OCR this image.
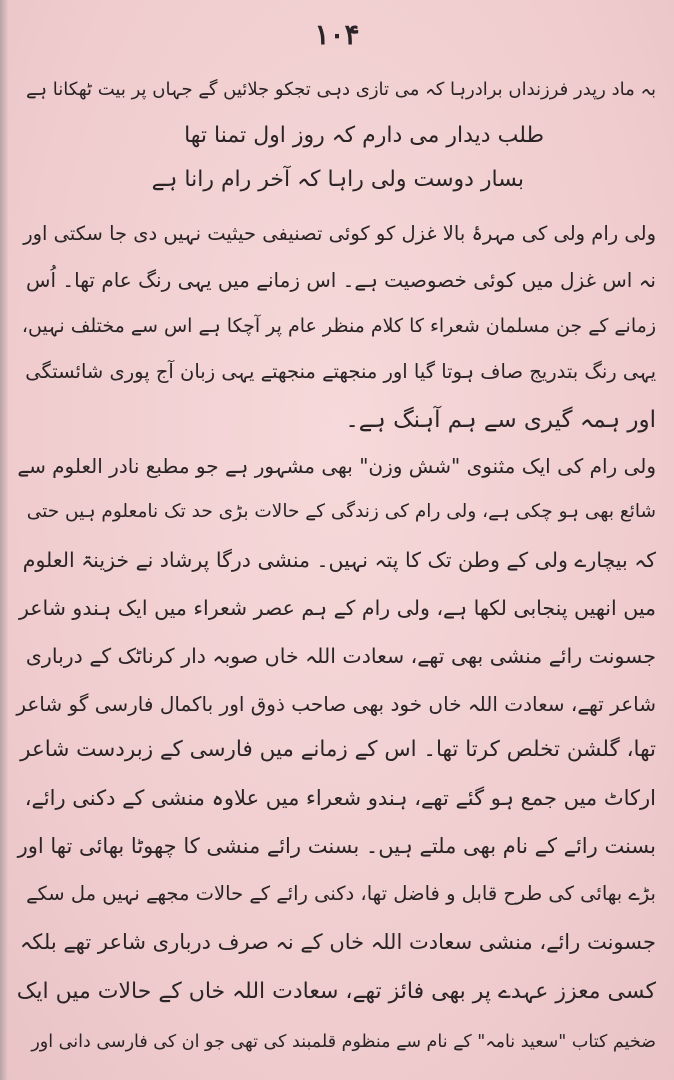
۱۰۴
بہ ماد رپدر فرزنداں برادرہا کہ می تازی دہی تجکو جلائیں گے جہاں پر بیت ٹھکانا ہے
طلب دیدار می دارم کہ روز اول تمنا تھا
بسار دوست ولی راہا کہ آخر رام رانا ہے
ولی رام ولی کی مہرۂ بالا غزل کو کوئی تصنیفی حیثیت نہیں دی جا سکتی اور
نہ اس غزل میں کوئی خصوصیت ہے۔ اس زمانے میں یہی رنگ عام تھا۔ اُس
زمانے کے جن مسلمان شعراء کا کلام منظر عام پر آچکا ہے اس سے مختلف نہیں،
یہی رنگ بتدریج صاف ہوتا گیا اور منجھتے منجھتے یہی زبان آج پوری شائستگی
اور ہمہ گیری سے ہم آہنگ ہے۔
ولی رام کی ایک مثنوی "شش وزن" بھی مشہور ہے جو مطبع نادر العلوم سے
شائع بھی ہو چکی ہے، ولی رام کی زندگی کے حالات بڑی حد تک نامعلوم ہیں حتی
کہ بیچارے ولی کے وطن تک کا پتہ نہیں۔ منشی درگا پرشاد نے خزینۃ العلوم
میں انھیں پنجابی لکھا ہے، ولی رام کے ہم عصر شعراء میں ایک ہندو شاعر
جسونت رائے منشی بھی تھے، سعادت اللہ خاں صوبہ دار کرناٹک کے درباری
شاعر تھے، سعادت اللہ خاں خود بھی صاحب ذوق اور باکمال فارسی گو شاعر
تھا، گلشن تخلص کرتا تھا۔ اس کے زمانے میں فارسی کے زبردست شاعر
ارکاٹ میں جمع ہو گئے تھے، ہندو شعراء میں علاوہ منشی کے دکنی رائے،
بسنت رائے کے نام بھی ملتے ہیں۔ بسنت رائے منشی کا چھوٹا بھائی تھا اور
بڑے بھائی کی طرح قابل و فاضل تھا، دکنی رائے کے حالات مجھے نہیں مل سکے
جسونت رائے، منشی سعادت اللہ خاں کے نہ صرف درباری شاعر تھے بلکہ
کسی معزز عہدے پر بھی فائز تھے، سعادت اللہ خاں کے حالات میں ایک
ضخیم کتاب "سعید نامہ" کے نام سے منظوم قلمبند کی تھی جو ان کی فارسی دانی اور
